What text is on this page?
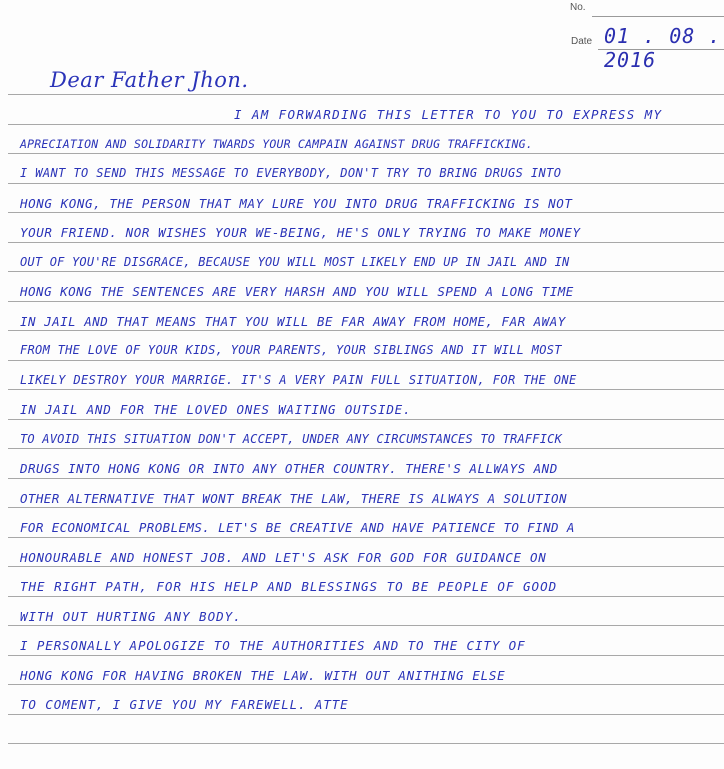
No.
Date 01 . 08 . 2016
Dear Father Jhon.
I AM FORWARDING THIS LETTER TO YOU TO EXPRESS MY
APRECIATION AND SOLIDARITY TWARDS YOUR CAMPAIN AGAINST DRUG TRAFFICKING.
I WANT TO SEND THIS MESSAGE TO EVERYBODY, DON'T TRY TO BRING DRUGS INTO
HONG KONG, THE PERSON THAT MAY LURE YOU INTO DRUG TRAFFICKING IS NOT
YOUR FRIEND. NOR WISHES YOUR WE-BEING, HE'S ONLY TRYING TO MAKE MONEY
OUT OF YOU'RE DISGRACE, BECAUSE YOU WILL MOST LIKELY END UP IN JAIL AND IN
HONG KONG THE SENTENCES ARE VERY HARSH AND YOU WILL SPEND A LONG TIME
IN JAIL AND THAT MEANS THAT YOU WILL BE FAR AWAY FROM HOME, FAR AWAY
FROM THE LOVE OF YOUR KIDS, YOUR PARENTS, YOUR SIBLINGS AND IT WILL MOST
LIKELY DESTROY YOUR MARRIGE. IT'S A VERY PAIN FULL SITUATION, FOR THE ONE
IN JAIL AND FOR THE LOVED ONES WAITING OUTSIDE.
TO AVOID THIS SITUATION DON'T ACCEPT, UNDER ANY CIRCUMSTANCES TO TRAFFICK
DRUGS INTO HONG KONG OR INTO ANY OTHER COUNTRY. THERE'S ALLWAYS AND
OTHER ALTERNATIVE THAT WONT BREAK THE LAW, THERE IS ALWAYS A SOLUTION
FOR ECONOMICAL PROBLEMS. LET'S BE CREATIVE AND HAVE PATIENCE TO FIND A
HONOURABLE AND HONEST JOB. AND LET'S ASK FOR GOD FOR GUIDANCE ON
THE RIGHT PATH, FOR HIS HELP AND BLESSINGS TO BE PEOPLE OF GOOD
WITH OUT HURTING ANY BODY.
I PERSONALLY APOLOGIZE TO THE AUTHORITIES AND TO THE CITY OF
HONG KONG FOR HAVING BROKEN THE LAW. WITH OUT ANITHING ELSE
TO COMENT, I GIVE YOU MY FAREWELL. ATTE
